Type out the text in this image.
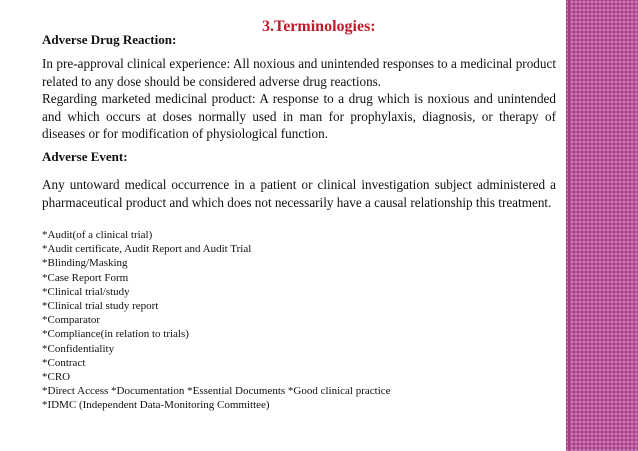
3.Terminologies:
Adverse Drug Reaction:

In pre-approval clinical experience: All noxious and unintended responses to a medicinal product related to any dose should be considered adverse drug reactions.

Regarding marketed medicinal product: A response to a drug which is noxious and unintended and which occurs at doses normally used in man for prophylaxis, diagnosis, or therapy of diseases or for modification of physiological function.

Adverse Event:

Any untoward medical occurrence in a patient or clinical investigation subject administered a pharmaceutical product and which does not necessarily have a causal relationship this treatment.

*Audit(of a clinical trial)
*Audit certificate, Audit Report and Audit Trial
*Blinding/Masking
*Case Report Form
*Clinical trial/study
*Clinical trial study report
*Comparator
*Compliance(in relation to trials)
*Confidentiality
*Contract
*CRO
*Direct Access *Documentation *Essential Documents *Good clinical practice
*IDMC (Independent Data-Monitoring Committee)
